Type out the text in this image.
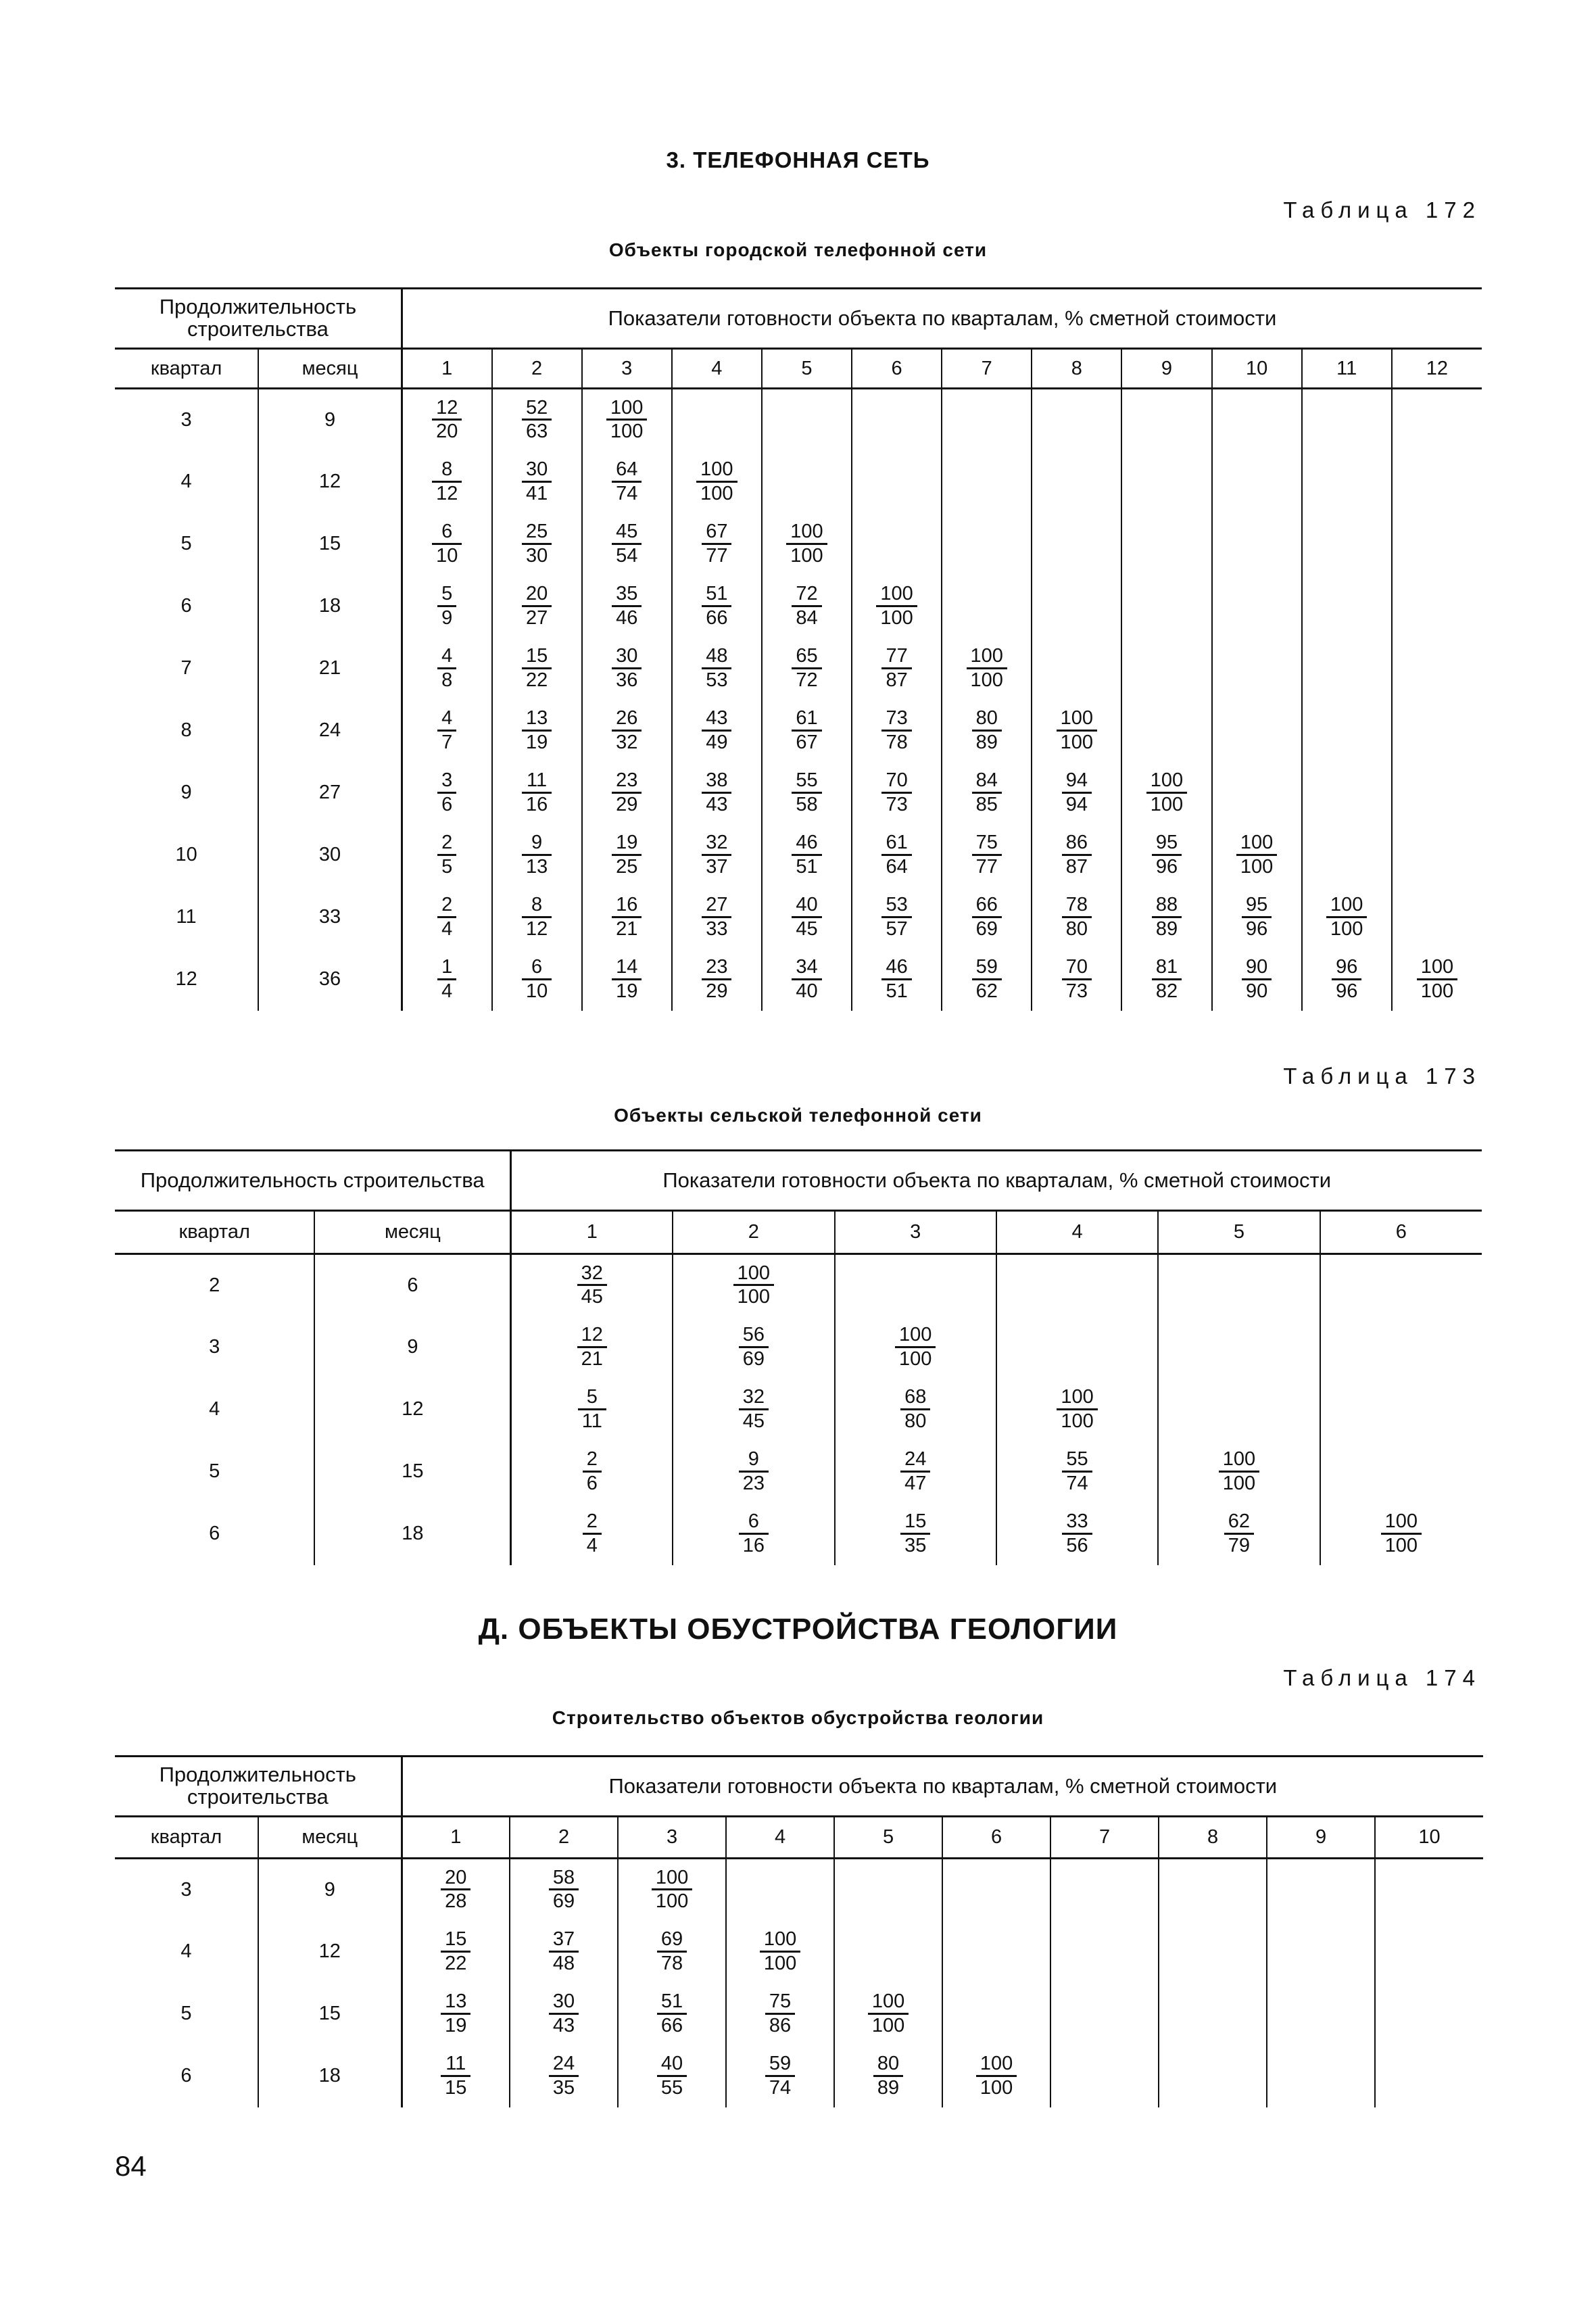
3. ТЕЛЕФОННАЯ СЕТЬ
Таблица 172
Объекты городской телефонной сети
Продолжительность строительства		Показатели готовности объекта по кварталам, % сметной стоимости											
квартал	месяц	1	2	3	4	5	6	7	8	9	10	11	12
3	9	$\frac{12}{20}$	$\frac{52}{63}$	$\frac{100}{100}$

4	12	$\frac{8}{12}$	$\frac{30}{41}$	$\frac{64}{74}$	$\frac{100}{100}$

5	15	$\frac{6}{10}$	$\frac{25}{30}$	$\frac{45}{54}$	$\frac{67}{77}$	$\frac{100}{100}$

6	18	$\frac{5}{9}$	$\frac{20}{27}$	$\frac{35}{46}$	$\frac{51}{66}$	$\frac{72}{84}$	$\frac{100}{100}$

7	21	$\frac{4}{8}$	$\frac{15}{22}$	$\frac{30}{36}$	$\frac{48}{53}$	$\frac{65}{72}$	$\frac{77}{87}$	$\frac{100}{100}$

8	24	$\frac{4}{7}$	$\frac{13}{19}$	$\frac{26}{32}$	$\frac{43}{49}$	$\frac{61}{67}$	$\frac{73}{78}$	$\frac{80}{89}$	$\frac{100}{100}$

9	27	$\frac{3}{6}$	$\frac{11}{16}$	$\frac{23}{29}$	$\frac{38}{43}$	$\frac{55}{58}$	$\frac{70}{73}$	$\frac{84}{85}$	$\frac{94}{94}$	$\frac{100}{100}$

10	30	$\frac{2}{5}$	$\frac{9}{13}$	$\frac{19}{25}$	$\frac{32}{37}$	$\frac{46}{51}$	$\frac{61}{64}$	$\frac{75}{77}$	$\frac{86}{87}$	$\frac{95}{96}$	$\frac{100}{100}$

11	33	$\frac{2}{4}$	$\frac{8}{12}$	$\frac{16}{21}$	$\frac{27}{33}$	$\frac{40}{45}$	$\frac{53}{57}$	$\frac{66}{69}$	$\frac{78}{80}$	$\frac{88}{89}$	$\frac{95}{96}$	$\frac{100}{100}$

12	36	$\frac{1}{4}$	$\frac{6}{10}$	$\frac{14}{19}$	$\frac{23}{29}$	$\frac{34}{40}$	$\frac{46}{51}$	$\frac{59}{62}$	$\frac{70}{73}$	$\frac{81}{82}$	$\frac{90}{90}$	$\frac{96}{96}$	$\frac{100}{100}$
Таблица 173
Объекты сельской телефонной сети
Продолжительность строительства		Показатели готовности объекта по кварталам, % сметной стоимости					
квартал	месяц	1	2	3	4	5	6
2	6	$\frac{32}{45}$	$\frac{100}{100}$

3	9	$\frac{12}{21}$	$\frac{56}{69}$	$\frac{100}{100}$

4	12	$\frac{5}{11}$	$\frac{32}{45}$	$\frac{68}{80}$	$\frac{100}{100}$

5	15	$\frac{2}{6}$	$\frac{9}{23}$	$\frac{24}{47}$	$\frac{55}{74}$	$\frac{100}{100}$

6	18	$\frac{2}{4}$	$\frac{6}{16}$	$\frac{15}{35}$	$\frac{33}{56}$	$\frac{62}{79}$	$\frac{100}{100}$
Д. ОБЪЕКТЫ ОБУСТРОЙСТВА ГЕОЛОГИИ
Таблица 174
Строительство объектов обустройства геологии
Продолжительность строительства		Показатели готовности объекта по кварталам, % сметной стоимости									
квартал	месяц	1	2	3	4	5	6	7	8	9	10
3	9	$\frac{20}{28}$	$\frac{58}{69}$	$\frac{100}{100}$

4	12	$\frac{15}{22}$	$\frac{37}{48}$	$\frac{69}{78}$	$\frac{100}{100}$

5	15	$\frac{13}{19}$	$\frac{30}{43}$	$\frac{51}{66}$	$\frac{75}{86}$	$\frac{100}{100}$

6	18	$\frac{11}{15}$	$\frac{24}{35}$	$\frac{40}{55}$	$\frac{59}{74}$	$\frac{80}{89}$	$\frac{100}{100}$

84
